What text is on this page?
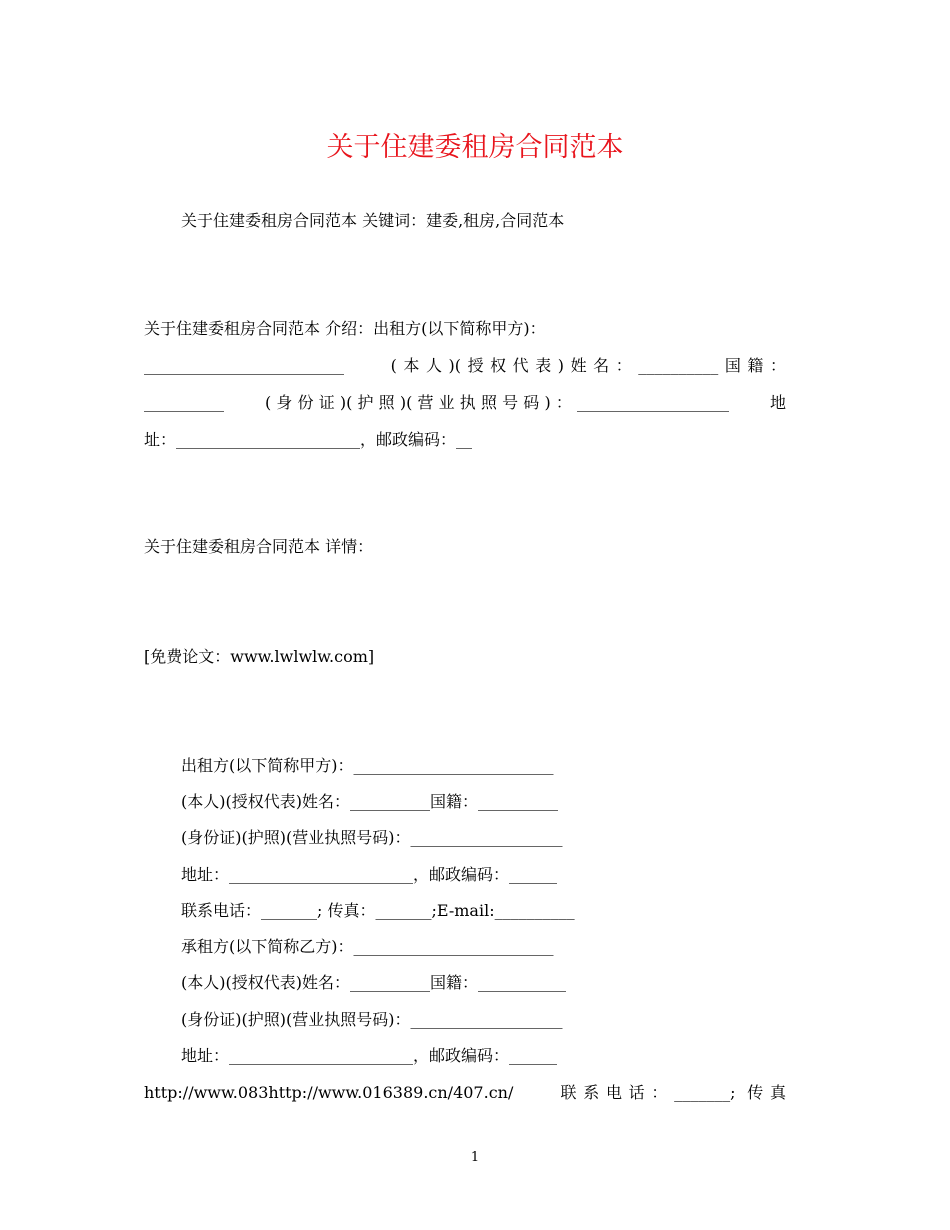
关于住建委租房合同范本
关于住建委租房合同范本 关键词：建委,租房,合同范本
关于住建委租房合同范本 介绍：出租方(以下简称甲方)：
_________________________    (本人)(授权代表)姓名：__________国籍：
__________    (身份证)(护照)(营业执照号码)：___________________    地
址：_______________________，邮政编码：__
关于住建委租房合同范本 详情：
[免费论文：www.lwlwlw.com]
出租方(以下简称甲方)：_________________________
(本人)(授权代表)姓名：__________国籍：__________
(身份证)(护照)(营业执照号码)：___________________
地址：_______________________，邮政编码：______
联系电话：_______; 传真：_______;E-mail:__________
承租方(以下简称乙方)：_________________________
(本人)(授权代表)姓名：__________国籍：___________
(身份证)(护照)(营业执照号码)：___________________
地址：_______________________，邮政编码：______
http://www.083http://www.016389.cn/407.cn/    联系电话：_______; 传真
1
